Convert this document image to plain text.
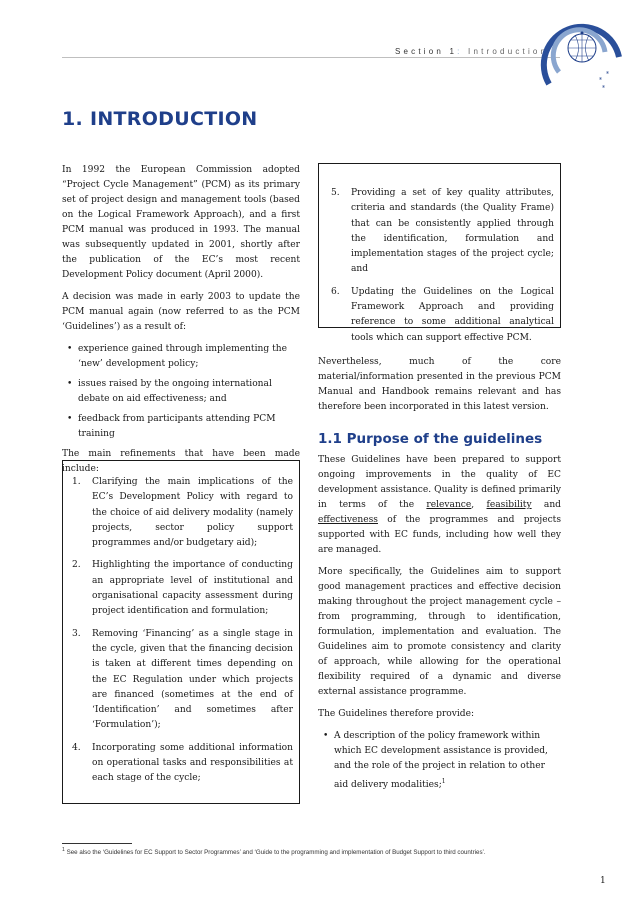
Section 1: Introduction
*
*
*
1. INTRODUCTION

In 1992 the European Commission adopted “Project Cycle Management” (PCM) as its primary set of project design and management tools (based on the Logical Framework Approach), and a first PCM manual was produced in 1993. The manual was subsequently updated in 2001, shortly after the publication of the EC’s most recent Development Policy document (April 2000).

A decision was made in early 2003 to update the PCM manual again (now referred to as the PCM ‘Guidelines’) as a result of:

• experience gained through implementing the ‘new’ development policy;
• issues raised by the ongoing international debate on aid effectiveness; and
• feedback from participants attending PCM training

The main refinements that have been made include:

1. Clarifying the main implications of the EC’s Development Policy with regard to the choice of aid delivery modality (namely projects, sector policy support programmes and/or budgetary aid);
2. Highlighting the importance of conducting an appropriate level of institutional and organisational capacity assessment during project identification and formulation;
3. Removing ‘Financing’ as a single stage in the cycle, given that the financing decision is taken at different times depending on the EC Regulation under which projects are financed (sometimes at the end of ‘Identification’ and sometimes after ‘Formulation’);
4. Incorporating some additional information on operational tasks and responsibilities at each stage of the cycle;
5. Providing a set of key quality attributes, criteria and standards (the Quality Frame) that can be consistently applied through the identification, formulation and implementation stages of the project cycle; and
6. Updating the Guidelines on the Logical Framework Approach and providing reference to some additional analytical tools which can support effective PCM.

Nevertheless, much of the core material/information presented in the previous PCM Manual and Handbook remains relevant and has therefore been incorporated in this latest version.

1.1 Purpose of the guidelines

These Guidelines have been prepared to support ongoing improvements in the quality of EC development assistance. Quality is defined primarily in terms of the relevance, feasibility and effectiveness of the programmes and projects supported with EC funds, including how well they are managed.

More specifically, the Guidelines aim to support good management practices and effective decision making throughout the project management cycle – from programming, through to identification, formulation, implementation and evaluation. The Guidelines aim to promote consistency and clarity of approach, while allowing for the operational flexibility required of a dynamic and diverse external assistance programme.

The Guidelines therefore provide:

• A description of the policy framework within which EC development assistance is provided, and the role of the project in relation to other aid delivery modalities;$^1$
$^1$ See also the ‘Guidelines for EC Support to Sector Programmes’ and ‘Guide to the programming and implementation of Budget Support to third countries’.
1
